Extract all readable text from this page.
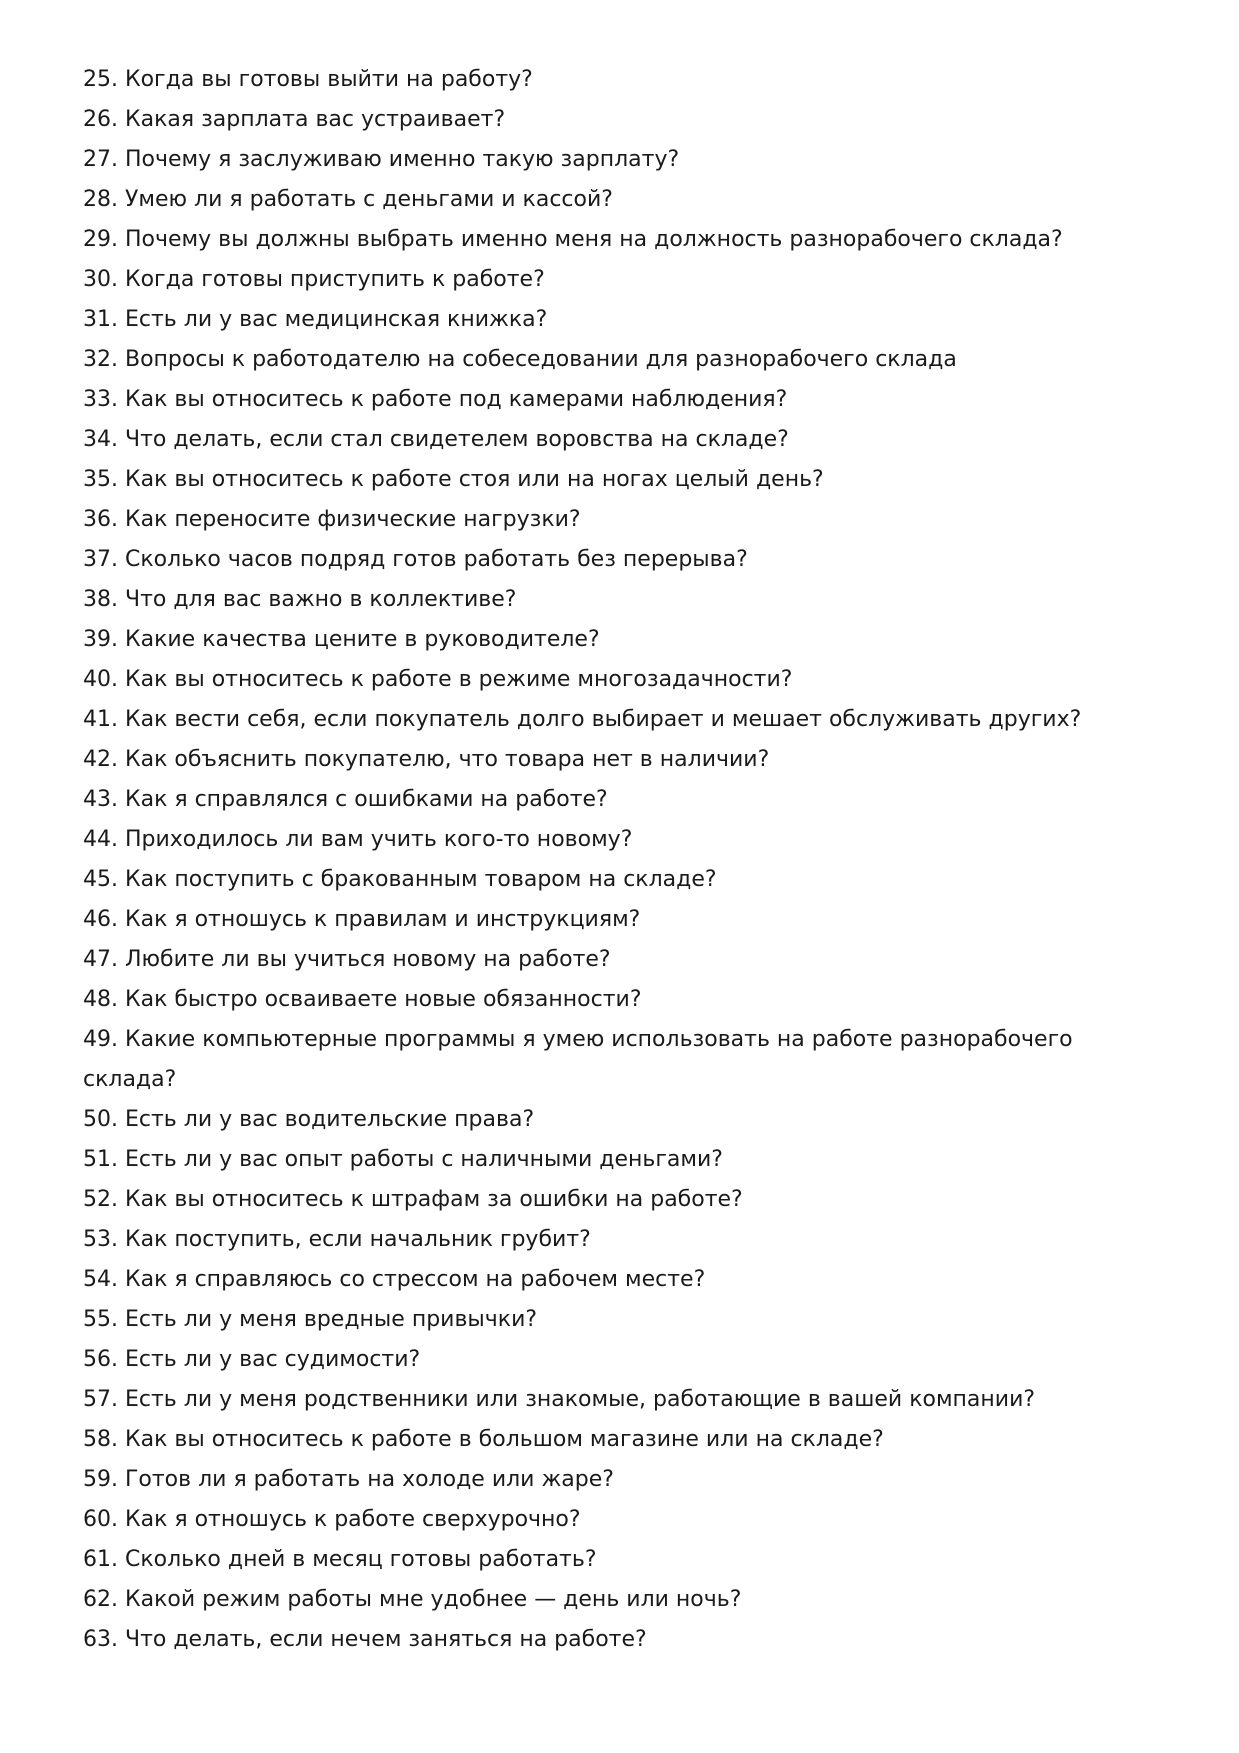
25. Когда вы готовы выйти на работу?
26. Какая зарплата вас устраивает?
27. Почему я заслуживаю именно такую зарплату?
28. Умею ли я работать с деньгами и кассой?
29. Почему вы должны выбрать именно меня на должность разнорабочего склада?
30. Когда готовы приступить к работе?
31. Есть ли у вас медицинская книжка?
32. Вопросы к работодателю на собеседовании для разнорабочего склада
33. Как вы относитесь к работе под камерами наблюдения?
34. Что делать, если стал свидетелем воровства на складе?
35. Как вы относитесь к работе стоя или на ногах целый день?
36. Как переносите физические нагрузки?
37. Сколько часов подряд готов работать без перерыва?
38. Что для вас важно в коллективе?
39. Какие качества цените в руководителе?
40. Как вы относитесь к работе в режиме многозадачности?
41. Как вести себя, если покупатель долго выбирает и мешает обслуживать других?
42. Как объяснить покупателю, что товара нет в наличии?
43. Как я справлялся с ошибками на работе?
44. Приходилось ли вам учить кого-то новому?
45. Как поступить с бракованным товаром на складе?
46. Как я отношусь к правилам и инструкциям?
47. Любите ли вы учиться новому на работе?
48. Как быстро осваиваете новые обязанности?
49. Какие компьютерные программы я умею использовать на работе разнорабочего склада?
50. Есть ли у вас водительские права?
51. Есть ли у вас опыт работы с наличными деньгами?
52. Как вы относитесь к штрафам за ошибки на работе?
53. Как поступить, если начальник грубит?
54. Как я справляюсь со стрессом на рабочем месте?
55. Есть ли у меня вредные привычки?
56. Есть ли у вас судимости?
57. Есть ли у меня родственники или знакомые, работающие в вашей компании?
58. Как вы относитесь к работе в большом магазине или на складе?
59. Готов ли я работать на холоде или жаре?
60. Как я отношусь к работе сверхурочно?
61. Сколько дней в месяц готовы работать?
62. Какой режим работы мне удобнее — день или ночь?
63. Что делать, если нечем заняться на работе?
